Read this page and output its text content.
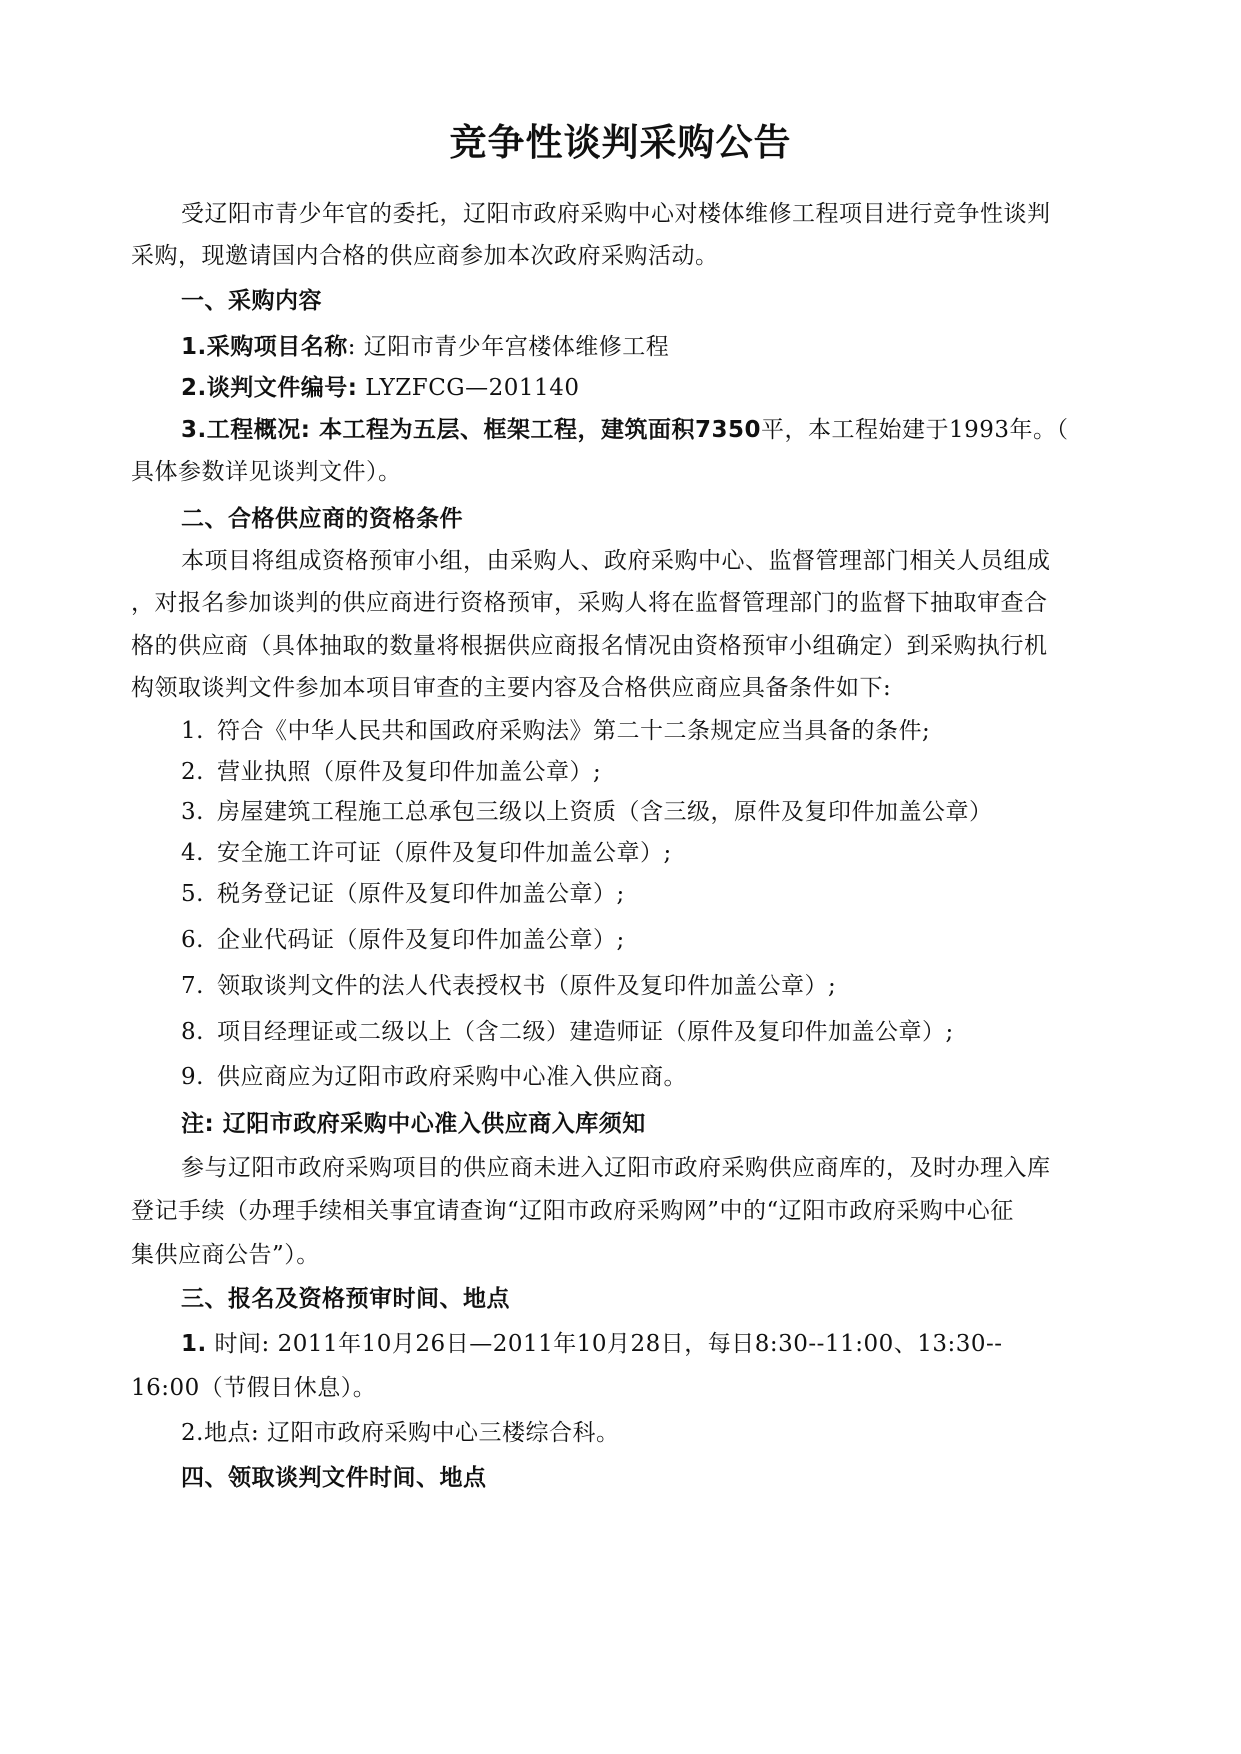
竞争性谈判采购公告
受辽阳市青少年官的委托，辽阳市政府采购中心对楼体维修工程项目进行竞争性谈判
采购，现邀请国内合格的供应商参加本次政府采购活动。
一、采购内容
1.采购项目名称: 辽阳市青少年宫楼体维修工程
2.谈判文件编号: LYZFCG—201140
3.工程概况: 本工程为五层、框架工程，建筑面积7350平，本工程始建于1993年。（
具体参数详见谈判文件）。
二、合格供应商的资格条件
本项目将组成资格预审小组，由采购人、政府采购中心、监督管理部门相关人员组成
，对报名参加谈判的供应商进行资格预审，采购人将在监督管理部门的监督下抽取审查合
格的供应商（具体抽取的数量将根据供应商报名情况由资格预审小组确定）到采购执行机
构领取谈判文件参加本项目审查的主要内容及合格供应商应具备条件如下:
1. 符合《中华人民共和国政府采购法》第二十二条规定应当具备的条件;
2. 营业执照（原件及复印件加盖公章）;
3. 房屋建筑工程施工总承包三级以上资质（含三级，原件及复印件加盖公章）
4. 安全施工许可证（原件及复印件加盖公章）;
5. 税务登记证（原件及复印件加盖公章）;
6. 企业代码证（原件及复印件加盖公章）;
7. 领取谈判文件的法人代表授权书（原件及复印件加盖公章）;
8. 项目经理证或二级以上（含二级）建造师证（原件及复印件加盖公章）;
9. 供应商应为辽阳市政府采购中心准入供应商。
注: 辽阳市政府采购中心准入供应商入库须知
参与辽阳市政府采购项目的供应商未进入辽阳市政府采购供应商库的，及时办理入库
登记手续（办理手续相关事宜请查询“辽阳市政府采购网”中的“辽阳市政府采购中心征
集供应商公告”）。
三、报名及资格预审时间、地点
1. 时间: 2011年10月26日—2011年10月28日，每日8:30--11:00、13:30--
16:00（节假日休息）。
2.地点: 辽阳市政府采购中心三楼综合科。
四、领取谈判文件时间、地点
